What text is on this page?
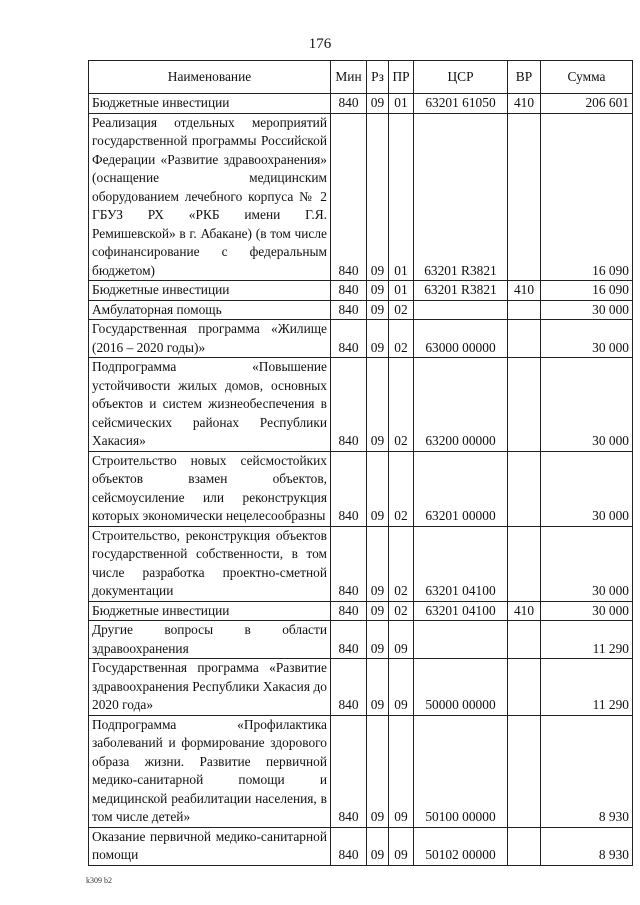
176
Наименование	Мин	Рз	ПР	ЦСР	ВР	Сумма
Бюджетные инвестиции	840	09	01	63201 61050	410	206 601
Реализация отдельных мероприятий государственной программы Российской Федерации «Развитие здравоохранения» (оснащение медицинским оборудованием лечебного корпуса № 2 ГБУЗ РХ «РКБ имени Г.Я. Ремишевской» в г. Абакане) (в том числе софинансирование с федеральным бюджетом)	840	09	01	63201 R3821		16 090
Бюджетные инвестиции	840	09	01	63201 R3821	410	16 090
Амбулаторная помощь	840	09	02			30 000
Государственная программа «Жилище (2016 – 2020 годы)»	840	09	02	63000 00000		30 000
Подпрограмма «Повышение устойчивости жилых домов, основных объектов и систем жизнеобеспечения в сейсмических районах Республики Хакасия»	840	09	02	63200 00000		30 000
Строительство новых сейсмостойких объектов взамен объектов, сейсмоусиление или реконструкция которых экономически нецелесообразны	840	09	02	63201 00000		30 000
Строительство, реконструкция объектов государственной собственности, в том числе разработка проектно-сметной документации	840	09	02	63201 04100		30 000
Бюджетные инвестиции	840	09	02	63201 04100	410	30 000
Другие вопросы в области здравоохранения	840	09	09			11 290
Государственная программа «Развитие здравоохранения Республики Хакасия до 2020 года»	840	09	09	50000 00000		11 290
Подпрограмма «Профилактика заболеваний и формирование здорового образа жизни. Развитие первичной медико-санитарной помощи и медицинской реабилитации населения, в том числе детей»	840	09	09	50100 00000		8 930
Оказание первичной медико-санитарной помощи	840	09	09	50102 00000		8 930
k309 b2
